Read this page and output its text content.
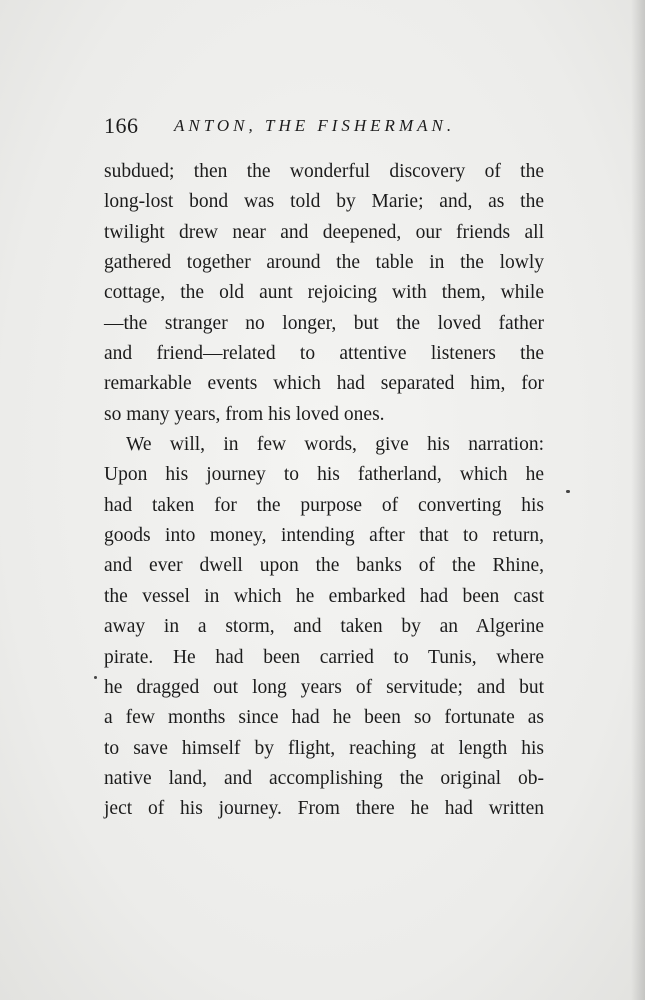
166 ANTON, THE FISHERMAN.
subdued; then the wonderful discovery of the
long-lost bond was told by Marie; and, as the
twilight drew near and deepened, our friends all
gathered together around the table in the lowly
cottage, the old aunt rejoicing with them, while
—the stranger no longer, but the loved father
and friend—related to attentive listeners the
remarkable events which had separated him, for
so many years, from his loved ones.
We will, in few words, give his narration:
Upon his journey to his fatherland, which he
had taken for the purpose of converting his
goods into money, intending after that to return,
and ever dwell upon the banks of the Rhine,
the vessel in which he embarked had been cast
away in a storm, and taken by an Algerine
pirate. He had been carried to Tunis, where
he dragged out long years of servitude; and but
a few months since had he been so fortunate as
to save himself by flight, reaching at length his
native land, and accomplishing the original ob-
ject of his journey. From there he had written
